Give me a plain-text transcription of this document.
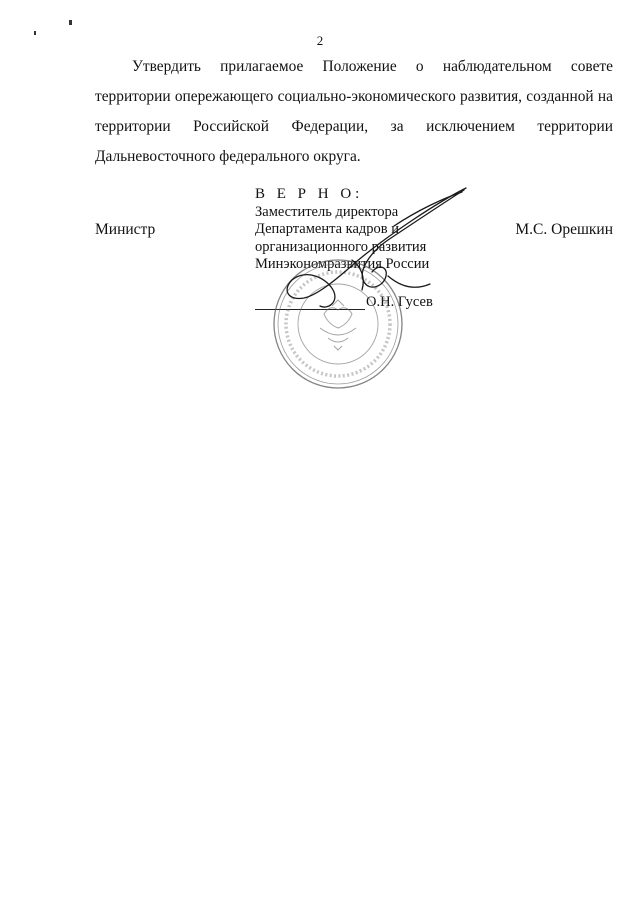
2

Утвердить прилагаемое Положение о наблюдательном совете территории опережающего социально-экономического развития, созданной на территории Российской Федерации, за исключением территории Дальневосточного федерального округа.

Министр	М.С. Орешкин
В Е Р Н О:
Заместитель директора
Департамента кадров и
организационного развития
Минэкономразвития России
О.Н. Гусев
